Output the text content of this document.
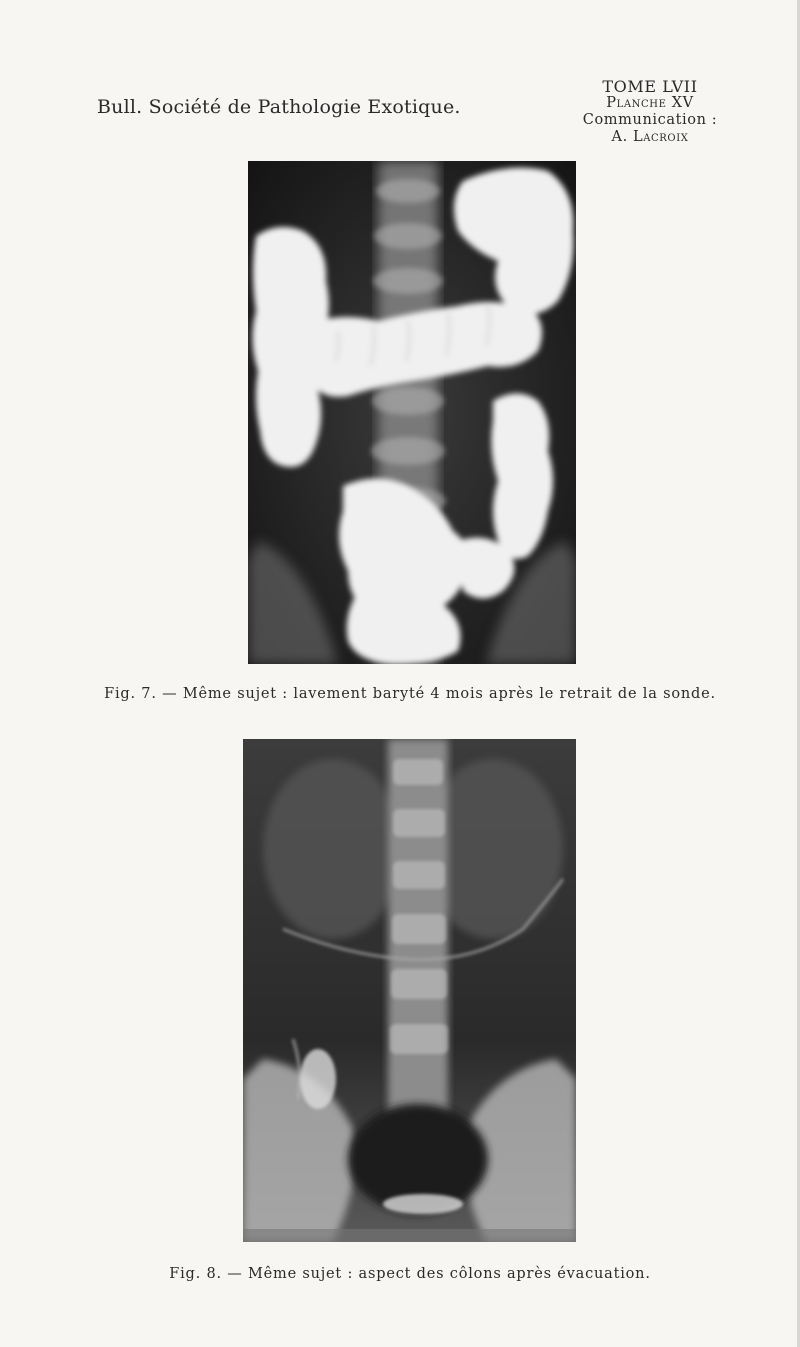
Bull. Société de Pathologie Exotique.
TOME LVII
Planche XV
Communication :
A. Lacroix
Fig. 7. — Même sujet : lavement baryté 4 mois après le retrait de la sonde.
Fig. 8. — Même sujet : aspect des côlons après évacuation.
